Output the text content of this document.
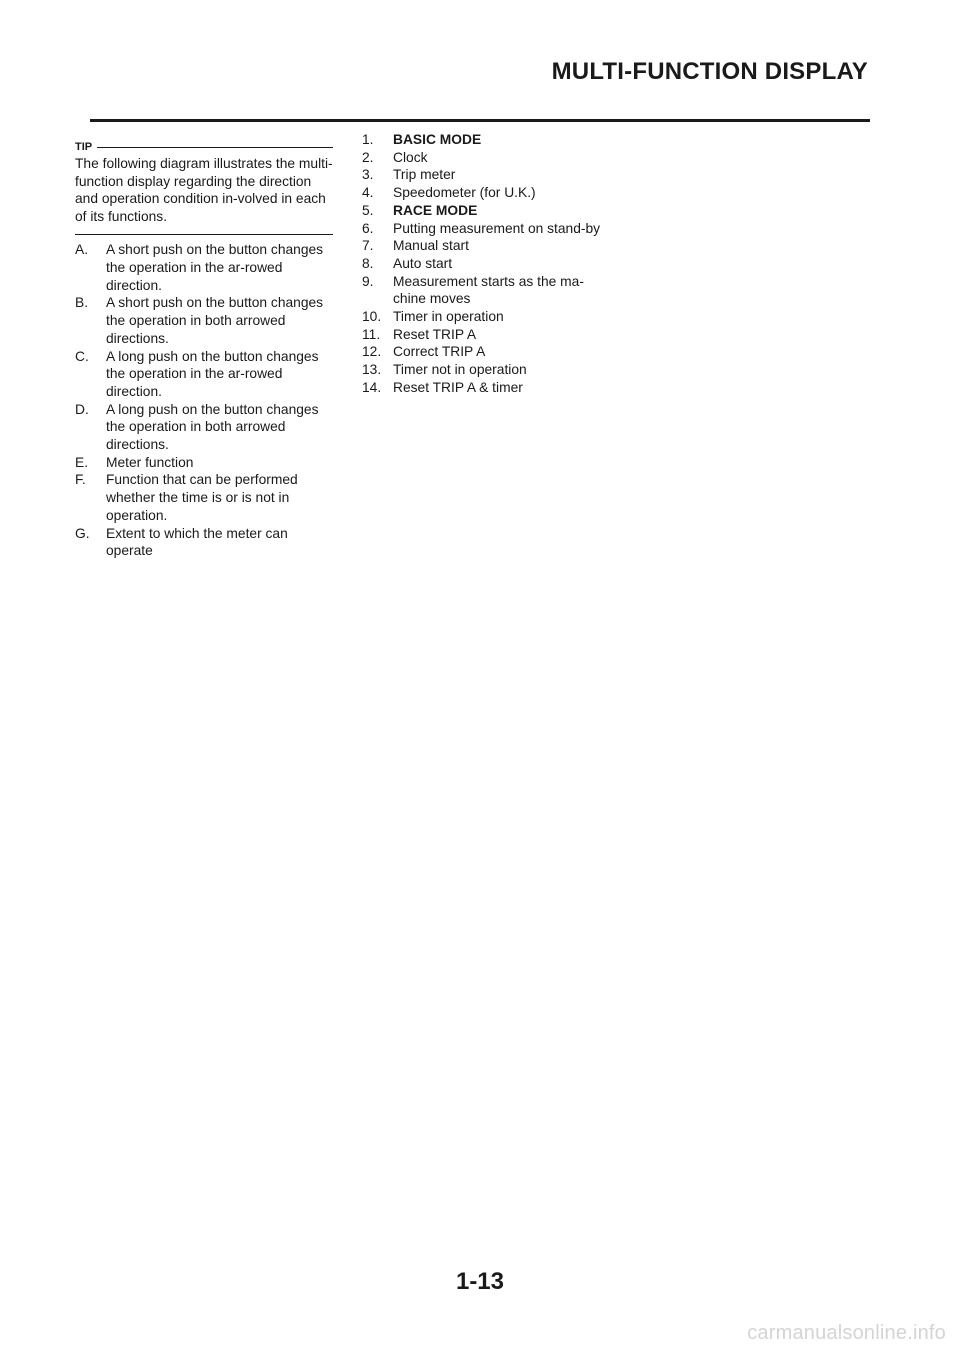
MULTI-FUNCTION DISPLAY
TIP
The following diagram illustrates the multi-function display regarding the direction and operation condition in-volved in each of its functions.
A.	A short push on the button changes the operation in the ar-rowed direction.
B.	A short push on the button changes the operation in both arrowed directions.
C.	A long push on the button changes the operation in the ar-rowed direction.
D.	A long push on the button changes the operation in both arrowed directions.
E.	Meter function
F.	Function that can be performed whether the time is or is not in operation.
G.	Extent to which the meter can operate
1.	BASIC MODE
2.	Clock
3.	Trip meter
4.	Speedometer (for U.K.)
5.	RACE MODE
6.	Putting measurement on stand-by
7.	Manual start
8.	Auto start
9.	Measurement starts as the ma-chine moves
10. Timer in operation
11. Reset TRIP A
12. Correct TRIP A
13. Timer not in operation
14. Reset TRIP A & timer
1-13
carmanualsonline.info
